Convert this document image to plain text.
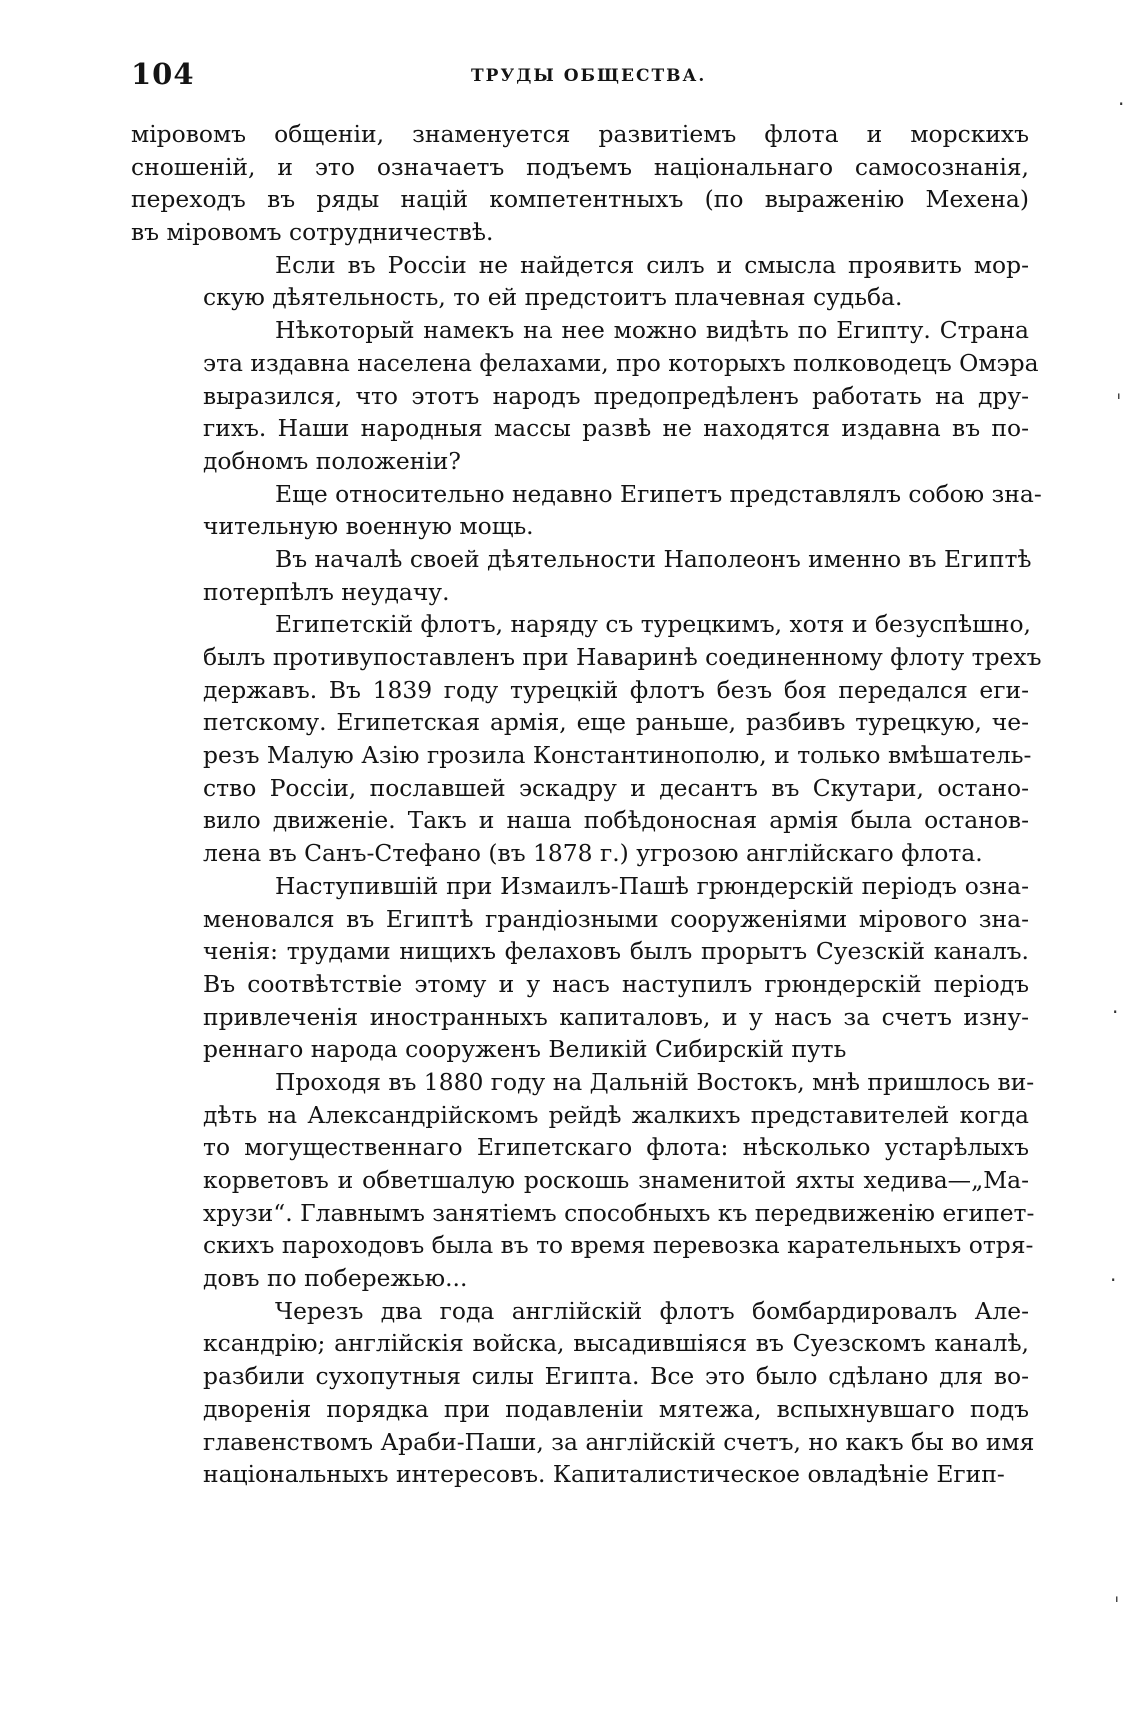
104	ТРУДЫ ОБЩЕСТВА.
міровомъ общеніи, знаменуется развитіемъ флота и морскихъ
сношеній, и это означаетъ подъемъ національнаго самосознанія,
переходъ въ ряды націй компетентныхъ (по выраженію Мехена)
въ міровомъ сотрудничествѣ.
Если въ Россіи не найдется силъ и смысла проявить мор-
скую дѣятельность, то ей предстоитъ плачевная судьба.
Нѣкоторый намекъ на нее можно видѣть по Египту. Страна
эта издавна населена фелахами, про которыхъ полководецъ Омэра
выразился, что этотъ народъ предопредѣленъ работать на дру-
гихъ. Наши народныя массы развѣ не находятся издавна въ по-
добномъ положеніи?
Еще относительно недавно Египетъ представлялъ собою зна-
чительную военную мощь.
Въ началѣ своей дѣятельности Наполеонъ именно въ Египтѣ
потерпѣлъ неудачу.
Египетскій флотъ, наряду съ турецкимъ, хотя и безуспѣшно,
былъ противупоставленъ при Наваринѣ соединенному флоту трехъ
державъ. Въ 1839 году турецкій флотъ безъ боя передался еги-
петскому. Египетская армія, еще раньше, разбивъ турецкую, че-
резъ Малую Азію грозила Константинополю, и только вмѣшатель-
ство Россіи, пославшей эскадру и десантъ въ Скутари, остано-
вило движеніе. Такъ и наша побѣдоносная армія была останов-
лена въ Санъ-Стефано (въ 1878 г.) угрозою англійскаго флота.
Наступившій при Измаилъ-Пашѣ грюндерскій періодъ озна-
меновался въ Египтѣ грандіозными сооруженіями мірового зна-
ченія: трудами нищихъ фелаховъ былъ прорытъ Суезскій каналъ.
Въ соотвѣтствіе этому и у насъ наступилъ грюндерскій періодъ
привлеченія иностранныхъ капиталовъ, и у насъ за счетъ изну-
реннаго народа сооруженъ Великій Сибирскій путь
Проходя въ 1880 году на Дальній Востокъ, мнѣ пришлось ви-
дѣть на Александрійскомъ рейдѣ жалкихъ представителей когда
то могущественнаго Египетскаго флота: нѣсколько устарѣлыхъ
корветовъ и обветшалую роскошь знаменитой яхты хедива—„Ма-
хрузи“. Главнымъ занятіемъ способныхъ къ передвиженію египет-
скихъ пароходовъ была въ то время перевозка карательныхъ отря-
довъ по побережью...
Черезъ два года англійскій флотъ бомбардировалъ Але-
ксандрію; англійскія войска, высадившіяся въ Суезскомъ каналѣ,
разбили сухопутныя силы Египта. Все это было сдѣлано для во-
дворенія порядка при подавленіи мятежа, вспыхнувшаго подъ
главенствомъ Араби-Паши, за англійскій счетъ, но какъ бы во имя
національныхъ интересовъ. Капиталистическое овладѣніе Егип-
·
ˈ
·
·
ˌ
